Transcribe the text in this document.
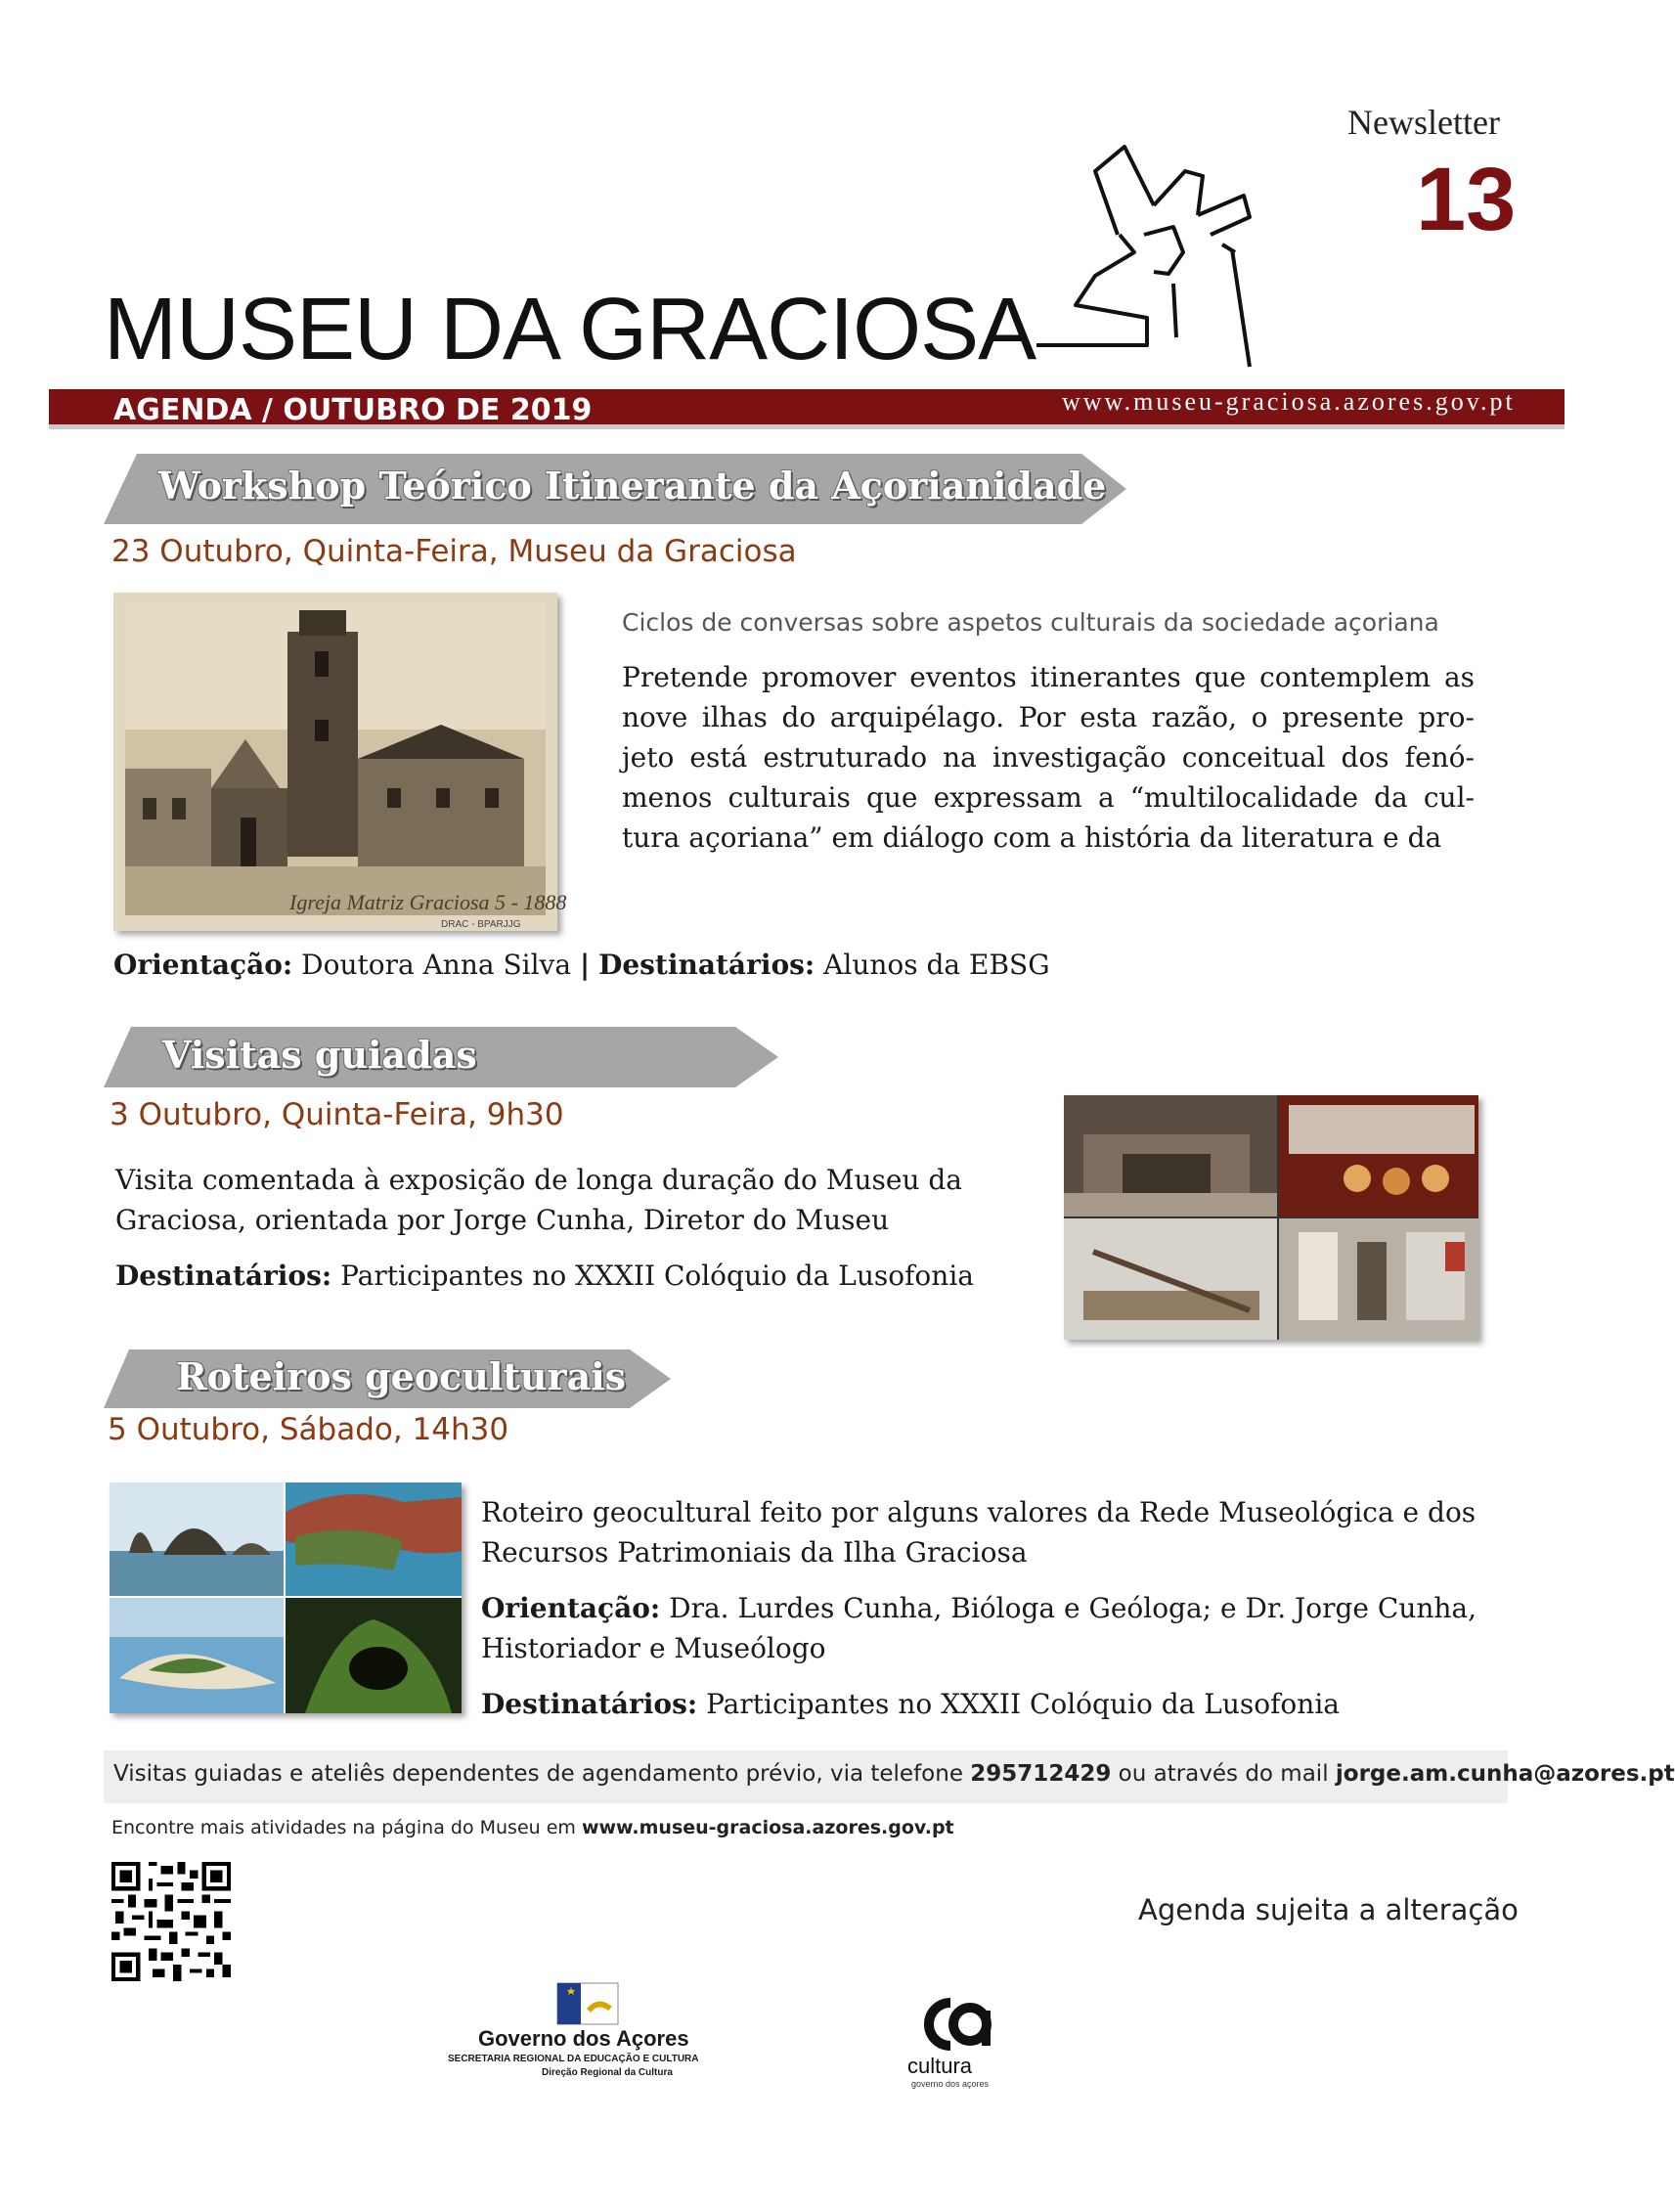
Newsletter
13
MUSEU DA GRACIOSA
AGENDA / OUTUBRO DE 2019	www.museu-graciosa.azores.gov.pt
Workshop Teórico Itinerante da Açorianidade
23 Outubro, Quinta-Feira, Museu da Graciosa
Igreja Matriz Graciosa 5 - 1888
DRAC - BPARJJG
Ciclos de conversas sobre aspetos culturais da sociedade açoriana
Pretende promover eventos itinerantes que contemplem as nove ilhas do arquipélago. Por esta razão, o presente pro-jeto está estruturado na investigação conceitual dos fenó-menos culturais que expressam a “multilocalidade da cul-tura açoriana” em diálogo com a história da literatura e da
Orientação: Doutora Anna Silva | Destinatários: Alunos da EBSG
Visitas guiadas
3 Outubro, Quinta-Feira, 9h30
Visita comentada à exposição de longa duração do Museu da Graciosa, orientada por Jorge Cunha, Diretor do Museu
Destinatários: Participantes no XXXII Colóquio da Lusofonia
Roteiros geoculturais
5 Outubro, Sábado, 14h30
Roteiro geocultural feito por alguns valores da Rede Museológica e dos Recursos Patrimoniais da Ilha Graciosa
Orientação: Dra. Lurdes Cunha, Bióloga e Geóloga; e Dr. Jorge Cunha, Historiador e Museólogo
Destinatários: Participantes no XXXII Colóquio da Lusofonia
Visitas guiadas e ateliês dependentes de agendamento prévio, via telefone 295712429 ou através do mail jorge.am.cunha@azores.pt
Encontre mais atividades na página do Museu em www.museu-graciosa.azores.gov.pt
Agenda sujeita a alteração
Governo dos Açores
SECRETARIA REGIONAL DA EDUCAÇÃO E CULTURA
Direção Regional da Cultura	cultura
governo dos açores
